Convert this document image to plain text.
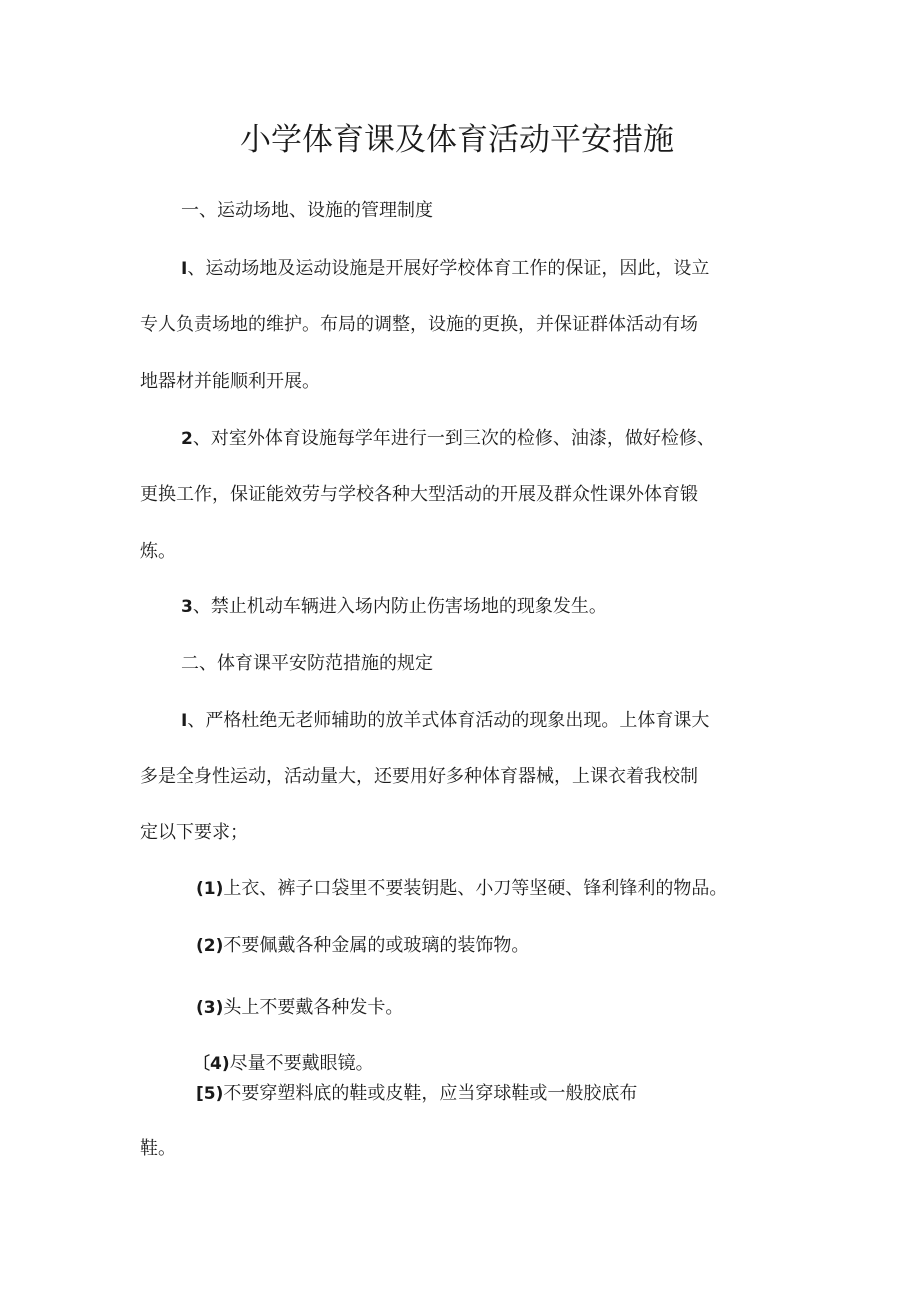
小学体育课及体育活动平安措施
一、运动场地、设施的管理制度
I、运动场地及运动设施是开展好学校体育工作的保证，因此，设立
专人负责场地的维护。布局的调整，设施的更换，并保证群体活动有场
地器材并能顺利开展。
2、对室外体育设施每学年进行一到三次的检修、油漆，做好检修、
更换工作，保证能效劳与学校各种大型活动的开展及群众性课外体育锻
炼。
3、禁止机动车辆进入场内防止伤害场地的现象发生。
二、体育课平安防范措施的规定
I、严格杜绝无老师辅助的放羊式体育活动的现象出现。上体育课大
多是全身性运动，活动量大，还要用好多种体育器械，上课衣着我校制
定以下要求；
(1)上衣、裤子口袋里不要装钥匙、小刀等坚硬、锋利锋利的物品。
(2)不要佩戴各种金属的或玻璃的装饰物。
(3)头上不要戴各种发卡。
〔4)尽量不要戴眼镜。
[5)不要穿塑料底的鞋或皮鞋，应当穿球鞋或一般胶底布
鞋。
